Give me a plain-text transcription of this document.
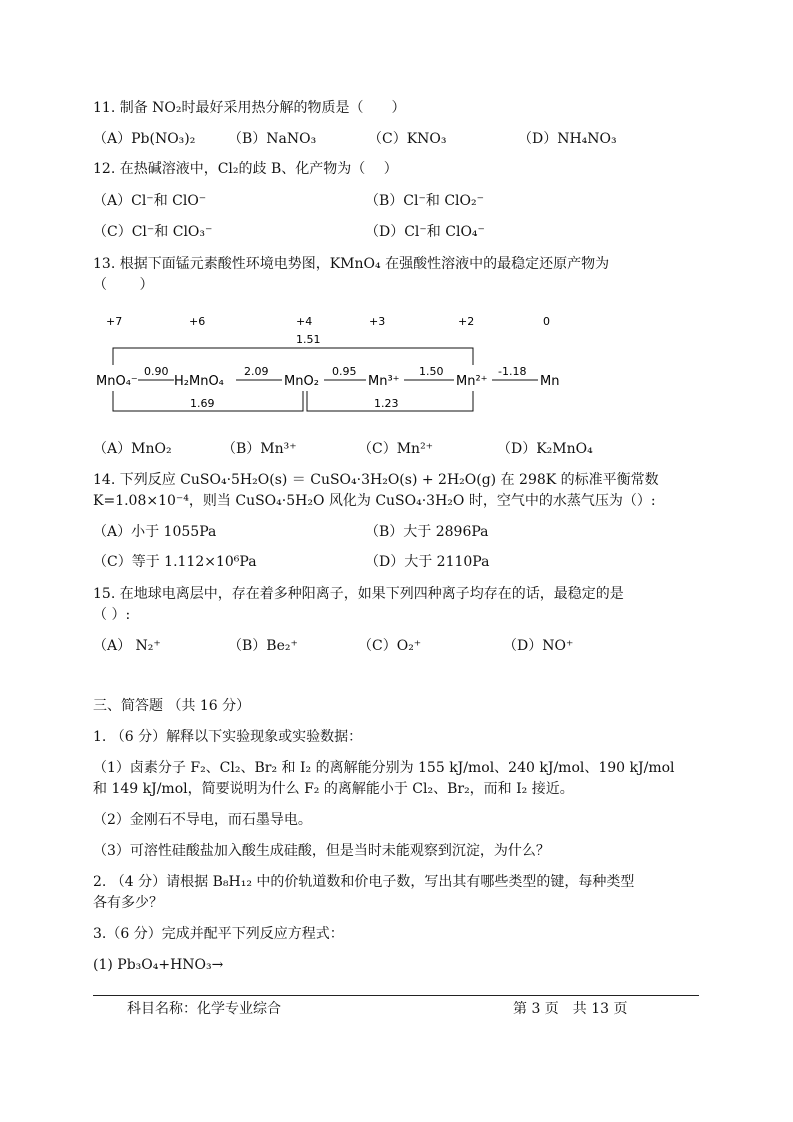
11. 制备 NO₂时最好采用热分解的物质是（　　）
（A）Pb(NO₃)₂ （B）NaNO₃	（C）KNO₃	（D）NH₄NO₃
12. 在热碱溶液中，Cl₂的歧 B、化产物为（　 ）
（A）Cl⁻和 ClO⁻	（B）Cl⁻和 ClO₂⁻
（C）Cl⁻和 ClO₃⁻	（D）Cl⁻和 ClO₄⁻
13. 根据下面锰元素酸性环境电势图，KMnO₄ 在强酸性溶液中的最稳定还原产物为
（　　 ）
+7	+6	+4	+3	+2	0
1.51
MnO₄⁻	H₂MnO₄	MnO₂	Mn³⁺	Mn²⁺	Mn
0.90	2.09	0.95	1.50	-1.18
1.69	1.23
（A）MnO₂	（B）Mn³⁺	（C）Mn²⁺	（D）K₂MnO₄
14. 下列反应 CuSO₄·5H₂O(s) ＝ CuSO₄·3H₂O(s) + 2H₂O(g) 在 298K 的标准平衡常数
K=1.08×10⁻⁴，则当 CuSO₄·5H₂O 风化为 CuSO₄·3H₂O 时，空气中的水蒸气压为（）:
（A）小于 1055Pa	（B）大于 2896Pa
（C）等于 1.112×10⁶Pa	（D）大于 2110Pa
15. 在地球电离层中，存在着多种阳离子，如果下列四种离子均存在的话，最稳定的是
（ ）:
（A） N₂⁺	（B）Be₂⁺	（C）O₂⁺	（D）NO⁺
三、简答题 （共 16 分）
1. （6 分）解释以下实验现象或实验数据：
（1）卤素分子 F₂、Cl₂、Br₂ 和 I₂ 的离解能分别为 155 kJ/mol、240 kJ/mol、190 kJ/mol
和 149 kJ/mol，简要说明为什么 F₂ 的离解能小于 Cl₂、Br₂，而和 I₂ 接近。
（2）金刚石不导电，而石墨导电。
（3）可溶性硅酸盐加入酸生成硅酸，但是当时未能观察到沉淀，为什么？
2. （4 分）请根据 B₈H₁₂ 中的价轨道数和价电子数，写出其有哪些类型的键，每种类型
各有多少？
3.（6 分）完成并配平下列反应方程式：
(1) Pb₃O₄+HNO₃→
科目名称：化学专业综合	第 3 页　共 13 页
